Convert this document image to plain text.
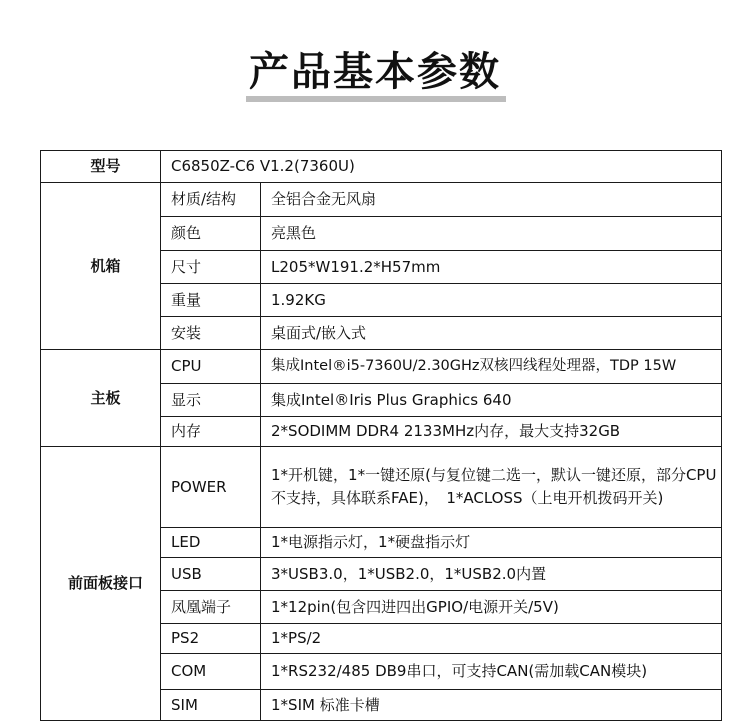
产品基本参数
型号	C6850Z-C6 V1.2(7360U)	
机箱	材质/结构	全铝合金无风扇
	颜色	亮黑色
	尺寸	L205*W191.2*H57mm
	重量	1.92KG
	安装	桌面式/嵌入式
主板	CPU	集成Intel®i5-7360U/2.30GHz双核四线程处理器，TDP 15W
	显示	集成Intel®Iris Plus Graphics 640
	内存	2*SODIMM DDR4 2133MHz内存，最大支持32GB
前面板接口	POWER	1*开机键，1*一键还原(与复位键二选一，默认一键还原，部分CPU不支持，具体联系FAE)，　1*ACLOSS（上电开机拨码开关)
	LED	1*电源指示灯，1*硬盘指示灯
	USB	3*USB3.0，1*USB2.0，1*USB2.0内置
	凤凰端子	1*12pin(包含四进四出GPIO/电源开关/5V)
	PS2	1*PS/2
	COM	1*RS232/485 DB9串口，可支持CAN(需加载CAN模块)
	SIM	1*SIM 标准卡槽
